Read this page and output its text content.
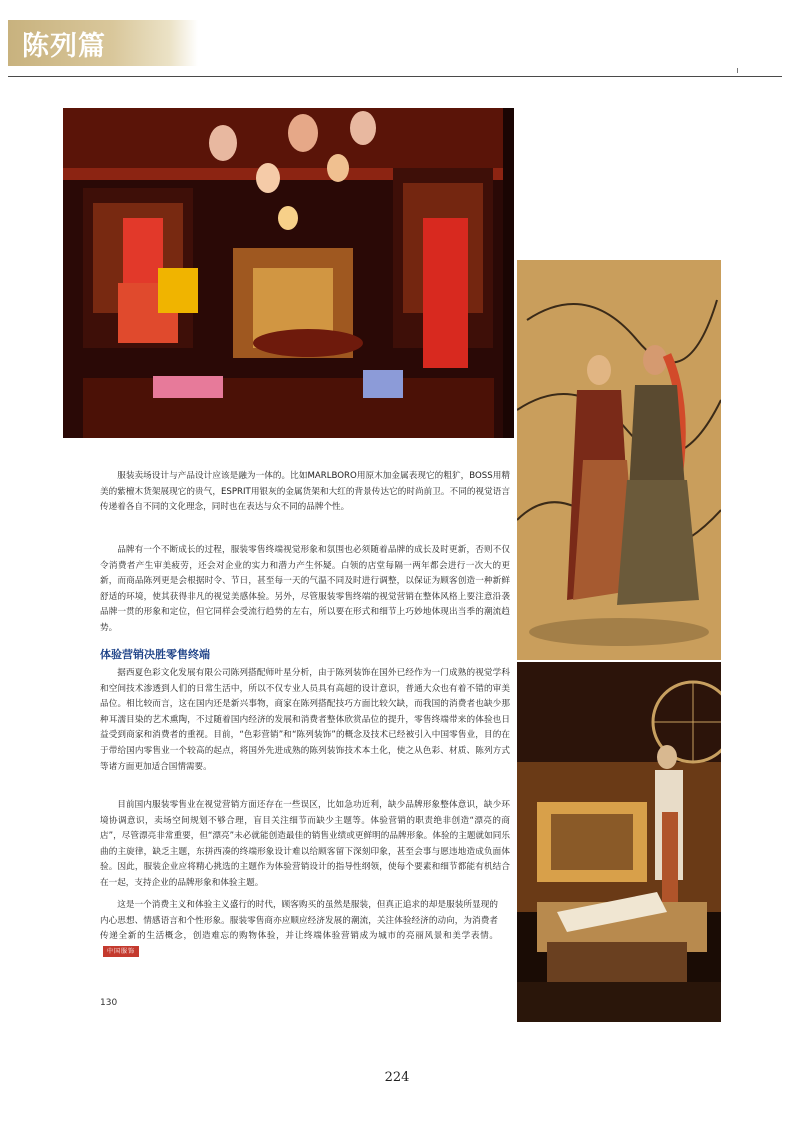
陈列篇

服装卖场设计与产品设计应该是融为一体的。比如MARLBORO用原木加金属表现它的粗犷，BOSS用精美的紫檀木货架展现它的贵气，ESPRIT用银灰的金属货架和大红的背景传达它的时尚前卫。不同的视觉语言传递着各自不同的文化理念，同时也在表达与众不同的品牌个性。

品牌有一个不断成长的过程，服装零售终端视觉形象和氛围也必须随着品牌的成长及时更新，否则不仅令消费者产生审美疲劳，还会对企业的实力和潜力产生怀疑。白领的店堂每隔一两年都会进行一次大的更新，而商品陈列更是会根据时令、节日，甚至每一天的气温不同及时进行调整，以保证为顾客创造一种新鲜舒适的环境，使其获得非凡的视觉美感体验。另外，尽管服装零售终端的视觉营销在整体风格上要注意沿袭品牌一贯的形象和定位，但它同样会受流行趋势的左右，所以要在形式和细节上巧妙地体现出当季的潮流趋势。

体验营销决胜零售终端

据西夏色彩文化发展有限公司陈列搭配师叶星分析，由于陈列装饰在国外已经作为一门成熟的视觉学科和空间技术渗透到人们的日常生活中，所以不仅专业人员具有高超的设计意识，普通大众也有着不错的审美品位。相比较而言，这在国内还是新兴事物，商家在陈列搭配技巧方面比较欠缺，而我国的消费者也缺少那种耳濡目染的艺术熏陶，不过随着国内经济的发展和消费者整体欣赏品位的提升，零售终端带来的体验也日益受到商家和消费者的重视。目前，“色彩营销”和“陈列装饰”的概念及技术已经被引入中国零售业，目的在于带给国内零售业一个较高的起点，将国外先进成熟的陈列装饰技术本土化，使之从色彩、材质、陈列方式等诸方面更加适合国情需要。

目前国内服装零售业在视觉营销方面还存在一些误区，比如急功近利，缺少品牌形象整体意识，缺少环境协调意识，卖场空间规划不够合理，盲目关注细节而缺少主题等。体验营销的职责绝非创造“漂亮的商店”，尽管漂亮非常重要，但“漂亮”未必就能创造最佳的销售业绩或更鲜明的品牌形象。体验的主题就如同乐曲的主旋律，缺乏主题，东拼西凑的终端形象设计难以给顾客留下深刻印象，甚至会事与愿违地造成负面体验。因此，服装企业应将精心挑选的主题作为体验营销设计的指导性纲领，使每个要素和细节都能有机结合在一起，支持企业的品牌形象和体验主题。

这是一个消费主义和体验主义盛行的时代，顾客购买的虽然是服装，但真正追求的却是服装所显现的内心思想、情感语言和个性形象。服装零售商亦应顺应经济发展的潮流，关注体验经济的动向，为消费者传递全新的生活概念，创造难忘的购物体验，并让终端体验营销成为城市的亮丽风景和美学表情。中国服饰

130
224
